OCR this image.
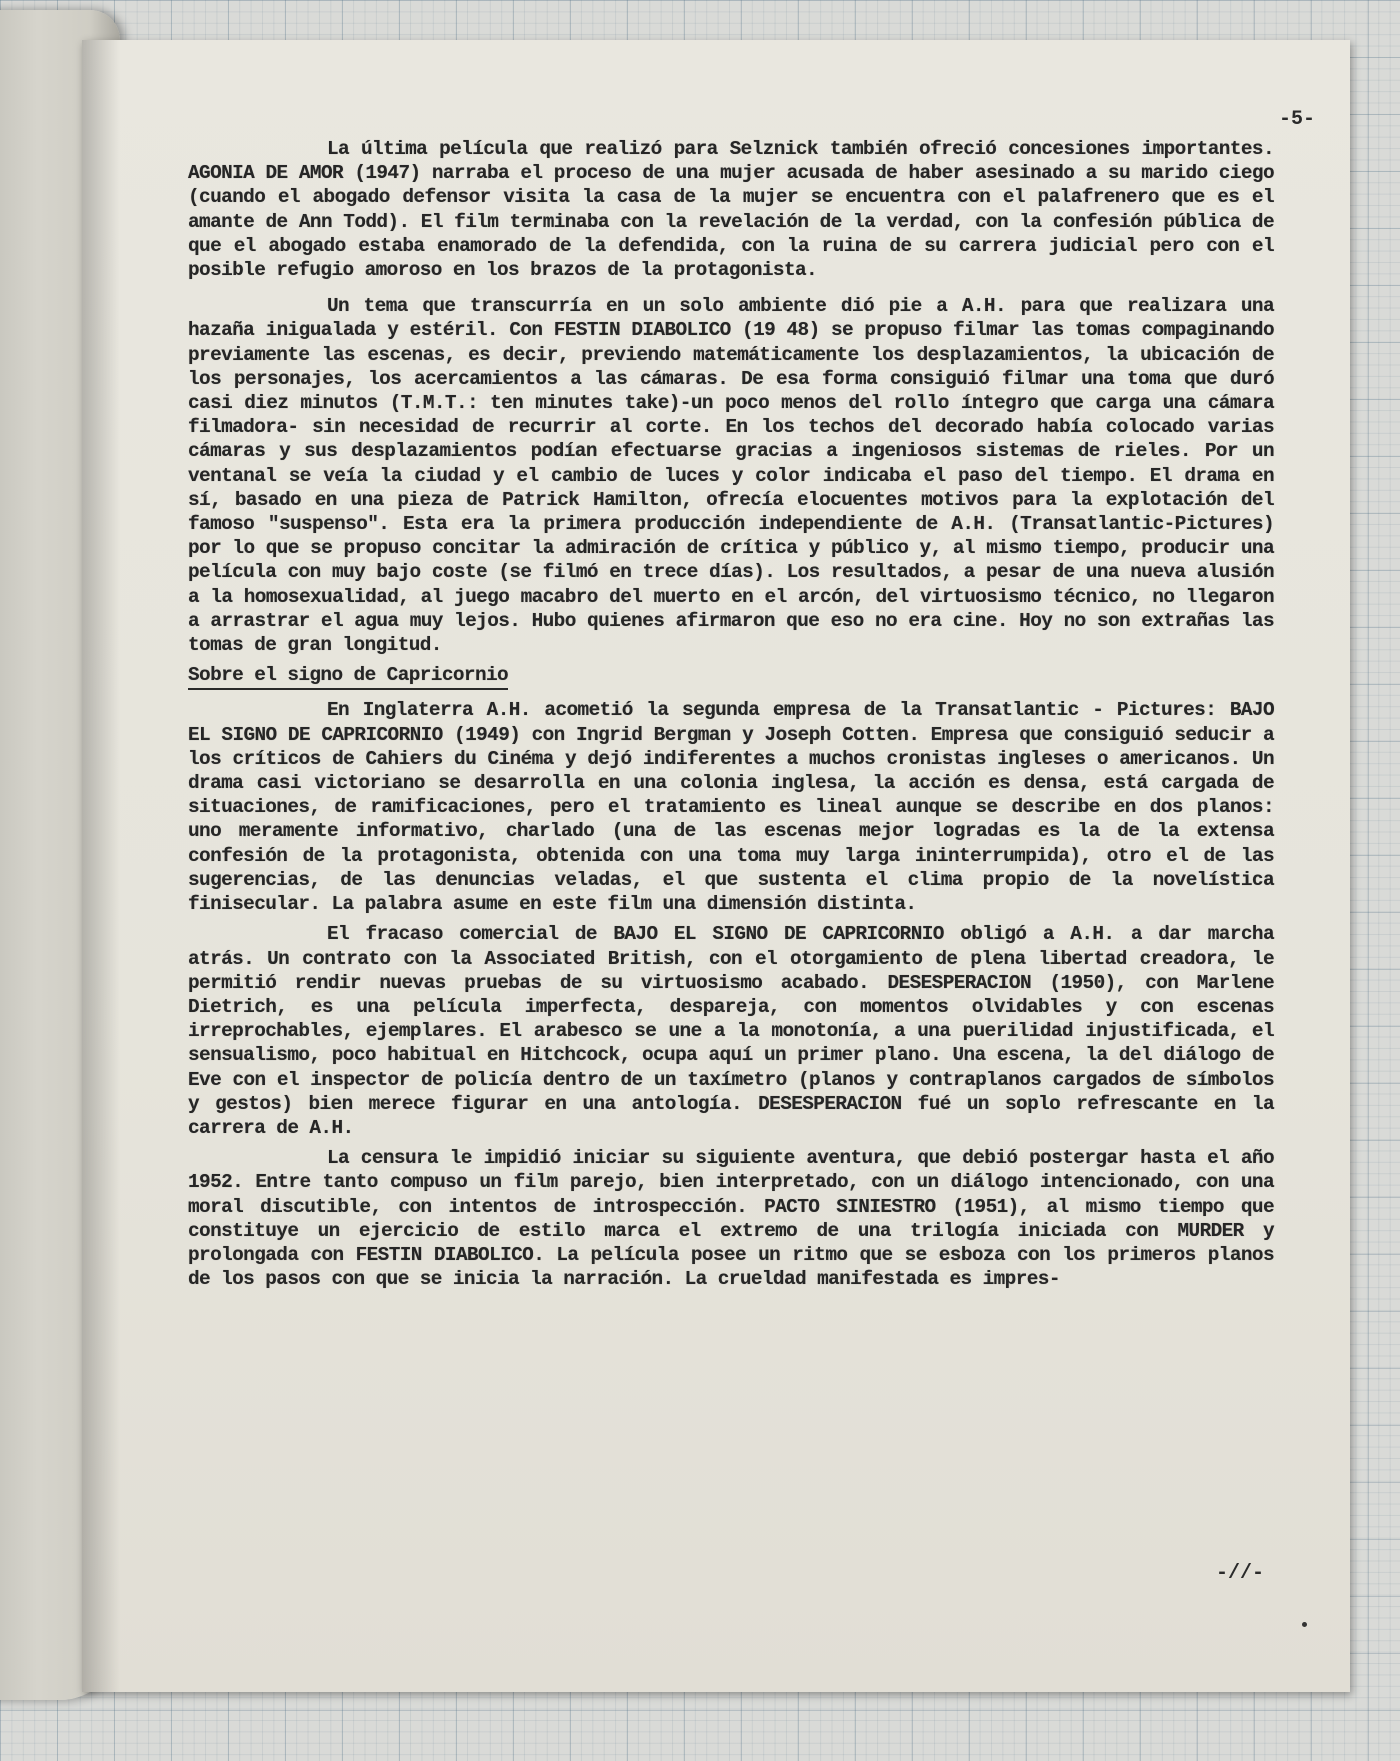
-5-

La última película que realizó para Selznick también ofreció concesiones importantes. AGONIA DE AMOR (1947) narraba el proceso de una mujer acusada de haber asesinado a su marido ciego (cuando el abogado defensor visita la casa de la mujer se encuentra con el palafrenero que es el amante de Ann Todd). El film terminaba con la revelación de la verdad, con la confesión pública de que el abogado estaba enamorado de la defendida, con la ruina de su carrera judicial pero con el posible refugio amoroso en los brazos de la protagonista.

Un tema que transcurría en un solo ambiente dió pie a A.H. para que realizara una hazaña inigualada y estéril. Con FESTIN DIABOLICO (19 48) se propuso filmar las tomas compaginando previamente las escenas, es decir, previendo matemáticamente los desplazamientos, la ubicación de los personajes, los acercamientos a las cámaras. De esa forma consiguió filmar una toma que duró casi diez minutos (T.M.T.: ten minutes take)-un poco menos del rollo íntegro que carga una cámara filmadora- sin necesidad de recurrir al corte. En los techos del decorado había colocado varias cámaras y sus desplazamientos podían efectuarse gracias a ingeniosos sistemas de rieles. Por un ventanal se veía la ciudad y el cambio de luces y color indicaba el paso del tiempo. El drama en sí, basado en una pieza de Patrick Hamilton, ofrecía elocuentes motivos para la explotación del famoso "suspenso". Esta era la primera producción independiente de A.H. (Transatlantic-Pictures) por lo que se propuso concitar la admiración de crítica y público y, al mismo tiempo, producir una película con muy bajo coste (se filmó en trece días). Los resultados, a pesar de una nueva alusión a la homosexualidad, al juego macabro del muerto en el arcón, del virtuosismo técnico, no llegaron a arrastrar el agua muy lejos. Hubo quienes afirmaron que eso no era cine. Hoy no son extrañas las tomas de gran longitud.

Sobre el signo de Capricornio

En Inglaterra A.H. acometió la segunda empresa de la Transatlantic - Pictures: BAJO EL SIGNO DE CAPRICORNIO (1949) con Ingrid Bergman y Joseph Cotten. Empresa que consiguió seducir a los críticos de Cahiers du Cinéma y dejó indiferentes a muchos cronistas ingleses o americanos. Un drama casi victoriano se desarrolla en una colonia inglesa, la acción es densa, está cargada de situaciones, de ramificaciones, pero el tratamiento es lineal aunque se describe en dos planos: uno meramente informativo, charlado (una de las escenas mejor logradas es la de la extensa confesión de la protagonista, obtenida con una toma muy larga ininterrumpida), otro el de las sugerencias, de las denuncias veladas, el que sustenta el clima propio de la novelística finisecular. La palabra asume en este film una dimensión distinta.

El fracaso comercial de BAJO EL SIGNO DE CAPRICORNIO obligó a A.H. a dar marcha atrás. Un contrato con la Associated British, con el otorgamiento de plena libertad creadora, le permitió rendir nuevas pruebas de su virtuosismo acabado. DESESPERACION (1950), con Marlene Dietrich, es una película imperfecta, despareja, con momentos olvidables y con escenas irreprochables, ejemplares. El arabesco se une a la monotonía, a una puerilidad injustificada, el sensualismo, poco habitual en Hitchcock, ocupa aquí un primer plano. Una escena, la del diálogo de Eve con el inspector de policía dentro de un taxímetro (planos y contraplanos cargados de símbolos y gestos) bien merece figurar en una antología. DESESPERACION fué un soplo refrescante en la carrera de A.H.

La censura le impidió iniciar su siguiente aventura, que debió postergar hasta el año 1952. Entre tanto compuso un film parejo, bien interpretado, con un diálogo intencionado, con una moral discutible, con intentos de introspección. PACTO SINIESTRO (1951), al mismo tiempo que constituye un ejercicio de estilo marca el extremo de una trilogía iniciada con MURDER y prolongada con FESTIN DIABOLICO. La película posee un ritmo que se esboza con los primeros planos de los pasos con que se inicia la narración. La crueldad manifestada es impres-

-//-
